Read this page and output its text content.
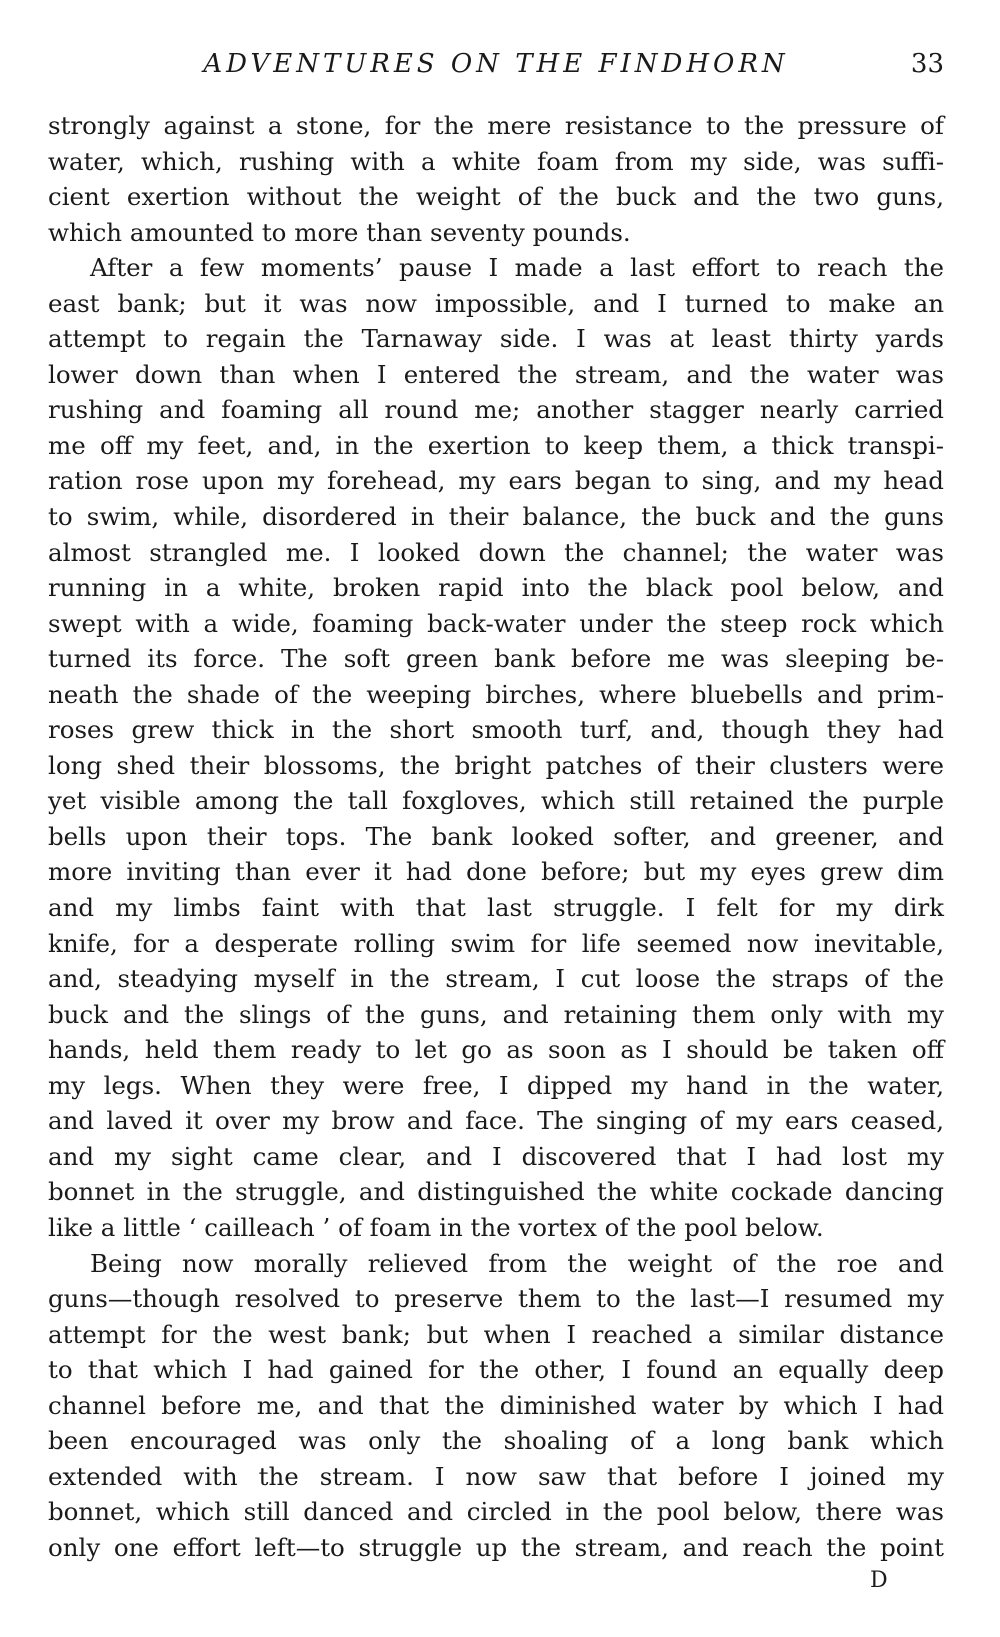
ADVENTURES ON THE FINDHORN	33
strongly against a stone, for the mere resistance to the pressure of
water, which, rushing with a white foam from my side, was suffi-
cient exertion without the weight of the buck and the two guns,
which amounted to more than seventy pounds.
After a few moments’ pause I made a last effort to reach the
east bank; but it was now impossible, and I turned to make an
attempt to regain the Tarnaway side. I was at least thirty yards
lower down than when I entered the stream, and the water was
rushing and foaming all round me; another stagger nearly carried
me off my feet, and, in the exertion to keep them, a thick transpi-
ration rose upon my forehead, my ears began to sing, and my head
to swim, while, disordered in their balance, the buck and the guns
almost strangled me. I looked down the channel; the water was
running in a white, broken rapid into the black pool below, and
swept with a wide, foaming back-water under the steep rock which
turned its force. The soft green bank before me was sleeping be-
neath the shade of the weeping birches, where bluebells and prim-
roses grew thick in the short smooth turf, and, though they had
long shed their blossoms, the bright patches of their clusters were
yet visible among the tall foxgloves, which still retained the purple
bells upon their tops. The bank looked softer, and greener, and
more inviting than ever it had done before; but my eyes grew dim
and my limbs faint with that last struggle. I felt for my dirk
knife, for a desperate rolling swim for life seemed now inevitable,
and, steadying myself in the stream, I cut loose the straps of the
buck and the slings of the guns, and retaining them only with my
hands, held them ready to let go as soon as I should be taken off
my legs. When they were free, I dipped my hand in the water,
and laved it over my brow and face. The singing of my ears ceased,
and my sight came clear, and I discovered that I had lost my
bonnet in the struggle, and distinguished the white cockade dancing
like a little ‘ cailleach ’ of foam in the vortex of the pool below.
Being now morally relieved from the weight of the roe and
guns—though resolved to preserve them to the last—I resumed my
attempt for the west bank; but when I reached a similar distance
to that which I had gained for the other, I found an equally deep
channel before me, and that the diminished water by which I had
been encouraged was only the shoaling of a long bank which
extended with the stream. I now saw that before I joined my
bonnet, which still danced and circled in the pool below, there was
only one effort left—to struggle up the stream, and reach the point
D
